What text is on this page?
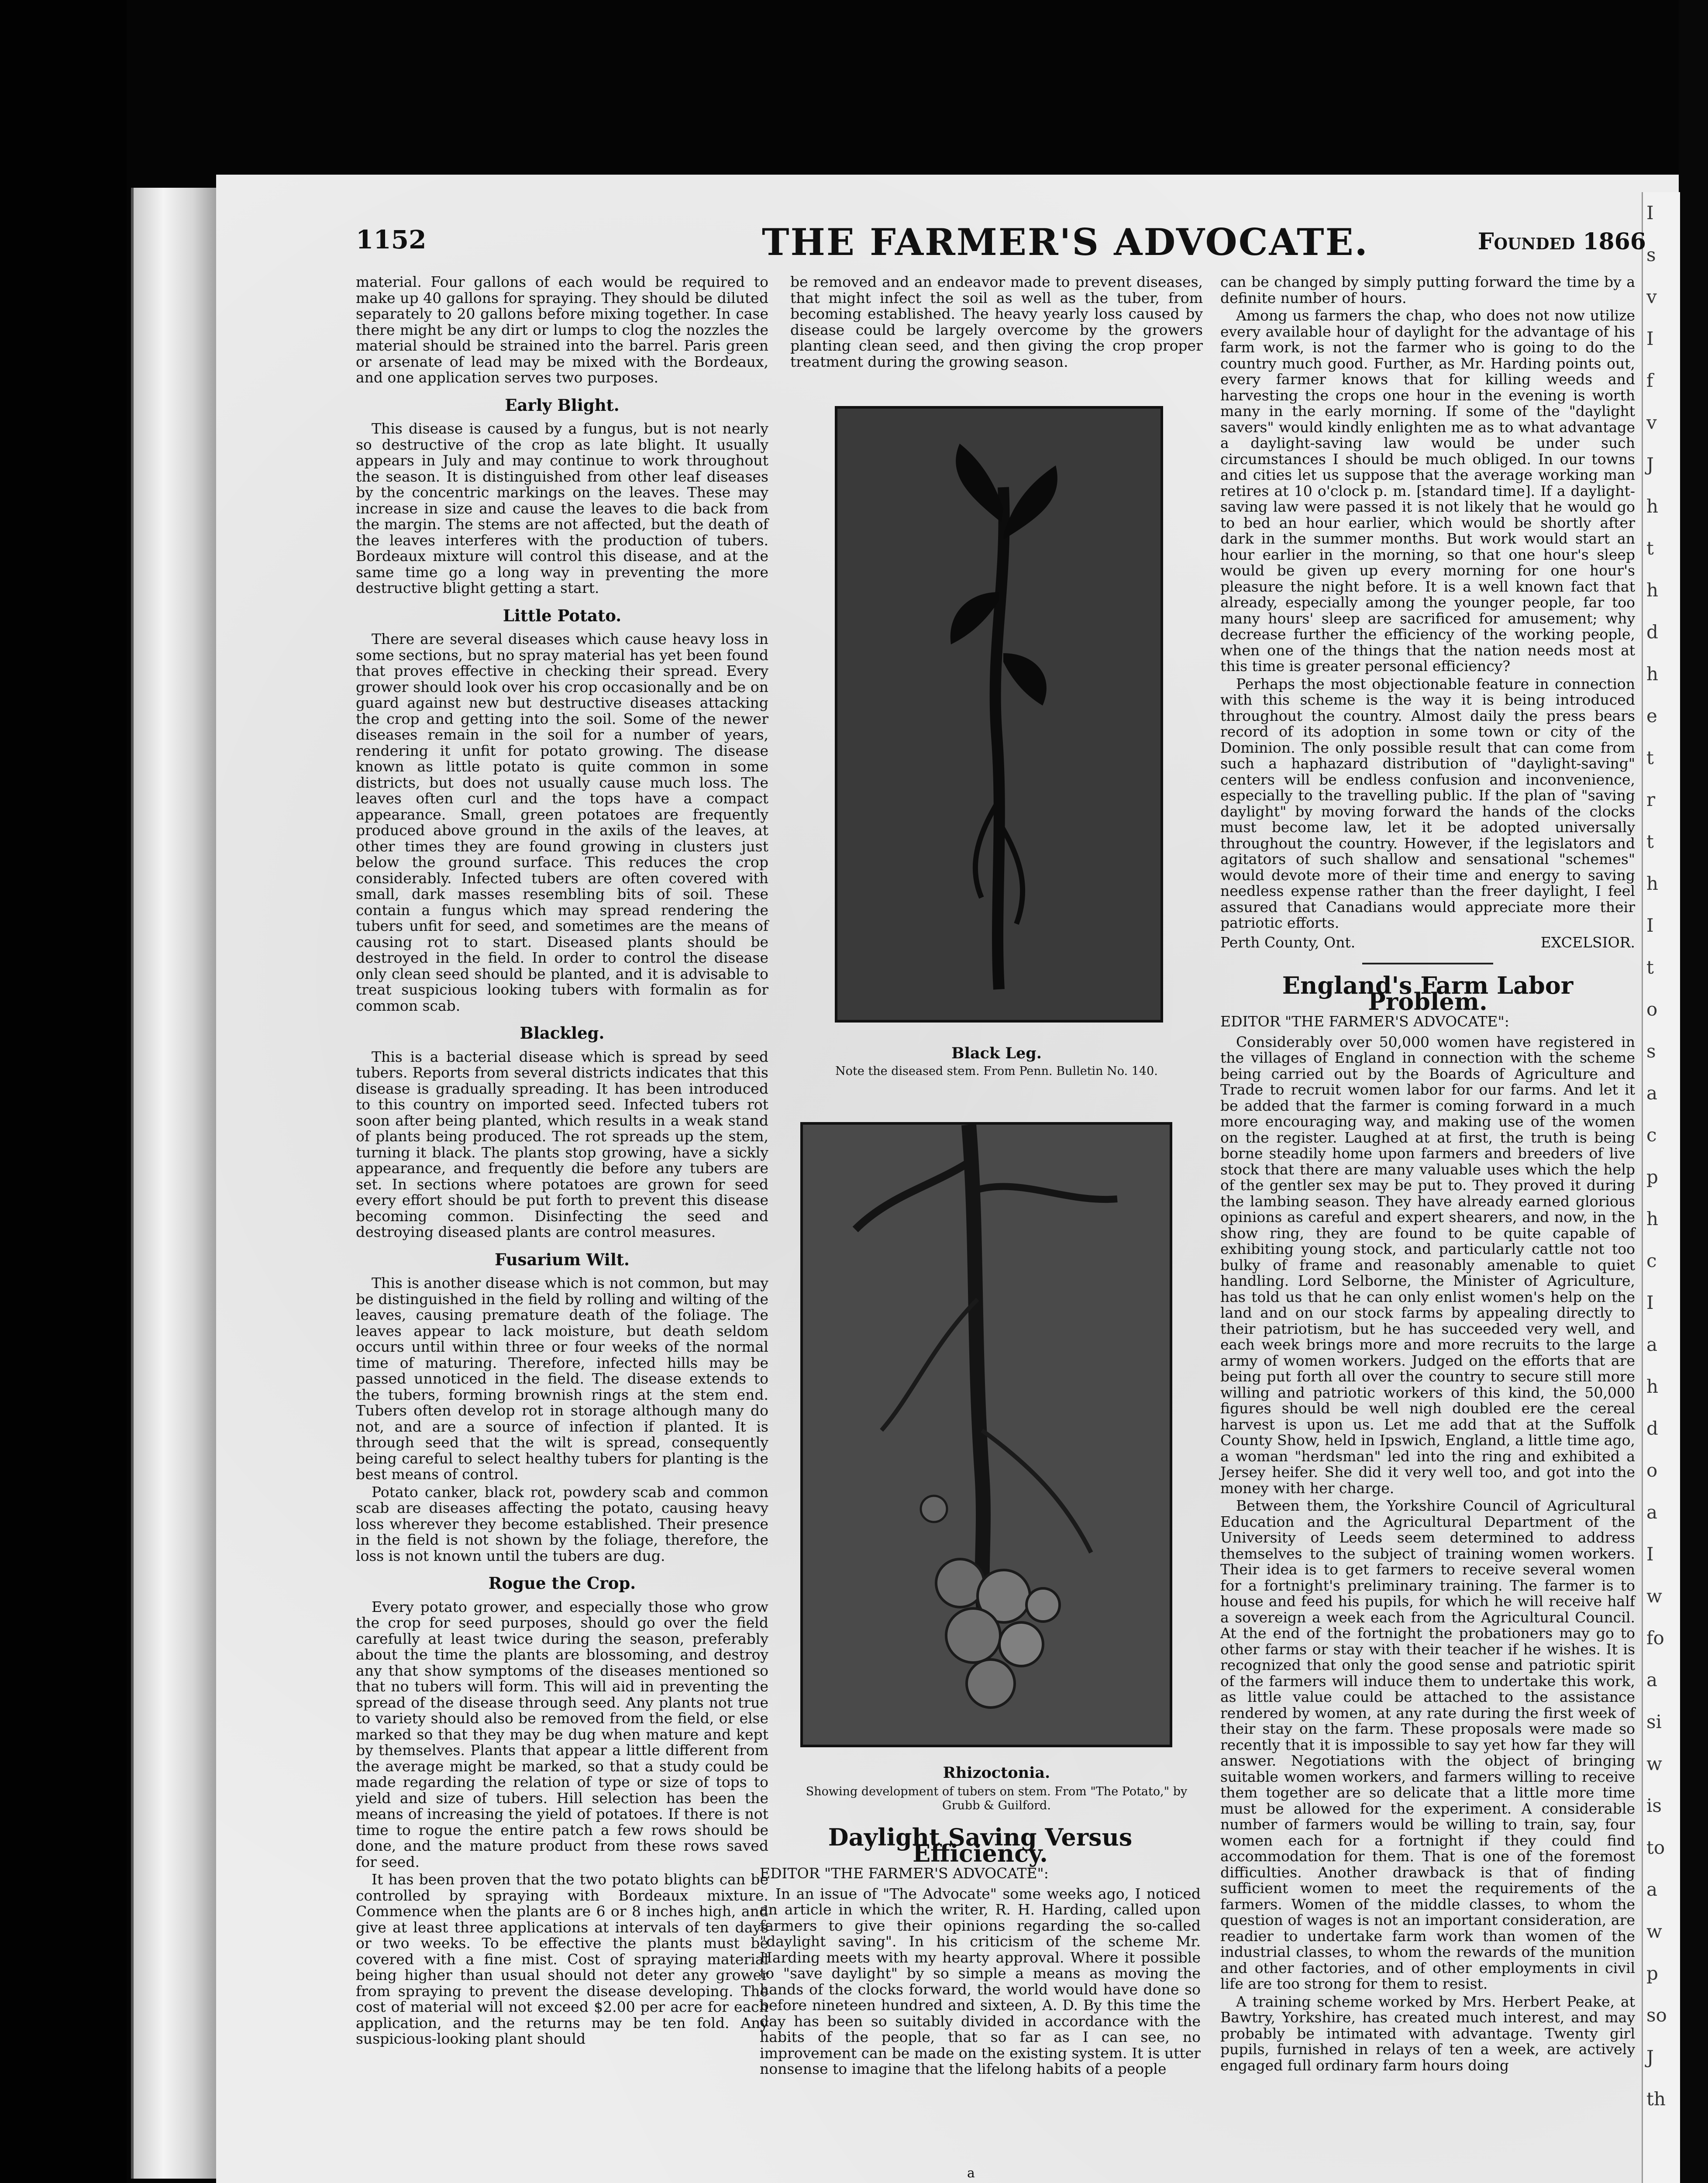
I
s
v
I
f
v
J
h
t
h
d
h
e
t
r
t
h
I
t
o
s
a
c
p
h
c
I
a
h
d
o
a
I
w
fo
a
si
w
is
to
a
w
p
so
J
th
1152	THE FARMER'S ADVOCATE.	Founded 1866

material. Four gallons of each would be required to make up 40 gallons for spraying. They should be diluted separately to 20 gallons before mixing together. In case there might be any dirt or lumps to clog the nozzles the material should be strained into the barrel. Paris green or arsenate of lead may be mixed with the Bordeaux, and one application serves two purposes.

Early Blight.

This disease is caused by a fungus, but is not nearly so destructive of the crop as late blight. It usually appears in July and may continue to work throughout the season. It is distinguished from other leaf diseases by the concentric markings on the leaves. These may increase in size and cause the leaves to die back from the margin. The stems are not affected, but the death of the leaves interferes with the production of tubers. Bordeaux mixture will control this disease, and at the same time go a long way in preventing the more destructive blight getting a start.

Little Potato.

There are several diseases which cause heavy loss in some sections, but no spray material has yet been found that proves effective in checking their spread. Every grower should look over his crop occasionally and be on guard against new but destructive diseases attacking the crop and getting into the soil. Some of the newer diseases remain in the soil for a number of years, rendering it unfit for potato growing. The disease known as little potato is quite common in some districts, but does not usually cause much loss. The leaves often curl and the tops have a compact appearance. Small, green potatoes are frequently produced above ground in the axils of the leaves, at other times they are found growing in clusters just below the ground surface. This reduces the crop considerably. Infected tubers are often covered with small, dark masses resembling bits of soil. These contain a fungus which may spread rendering the tubers unfit for seed, and sometimes are the means of causing rot to start. Diseased plants should be destroyed in the field. In order to control the disease only clean seed should be planted, and it is advisable to treat suspicious looking tubers with formalin as for common scab.

Blackleg.

This is a bacterial disease which is spread by seed tubers. Reports from several districts indicates that this disease is gradually spreading. It has been introduced to this country on imported seed. Infected tubers rot soon after being planted, which results in a weak stand of plants being produced. The rot spreads up the stem, turning it black. The plants stop growing, have a sickly appearance, and frequently die before any tubers are set. In sections where potatoes are grown for seed every effort should be put forth to prevent this disease becoming common. Disinfecting the seed and destroying diseased plants are control measures.

Fusarium Wilt.

This is another disease which is not common, but may be distinguished in the field by rolling and wilting of the leaves, causing premature death of the foliage. The leaves appear to lack moisture, but death seldom occurs until within three or four weeks of the normal time of maturing. Therefore, infected hills may be passed unnoticed in the field. The disease extends to the tubers, forming brownish rings at the stem end. Tubers often develop rot in storage although many do not, and are a source of infection if planted. It is through seed that the wilt is spread, consequently being careful to select healthy tubers for planting is the best means of control.

Potato canker, black rot, powdery scab and common scab are diseases affecting the potato, causing heavy loss wherever they become established. Their presence in the field is not shown by the foliage, therefore, the loss is not known until the tubers are dug.

Rogue the Crop.

Every potato grower, and especially those who grow the crop for seed purposes, should go over the field carefully at least twice during the season, preferably about the time the plants are blossoming, and destroy any that show symptoms of the diseases mentioned so that no tubers will form. This will aid in preventing the spread of the disease through seed. Any plants not true to variety should also be removed from the field, or else marked so that they may be dug when mature and kept by themselves. Plants that appear a little different from the average might be marked, so that a study could be made regarding the relation of type or size of tops to yield and size of tubers. Hill selection has been the means of increasing the yield of potatoes. If there is not time to rogue the entire patch a few rows should be done, and the mature product from these rows saved for seed.

It has been proven that the two potato blights can be controlled by spraying with Bordeaux mixture. Commence when the plants are 6 or 8 inches high, and give at least three applications at intervals of ten days or two weeks. To be effective the plants must be covered with a fine mist. Cost of spraying material being higher than usual should not deter any grower from spraying to prevent the disease developing. The cost of material will not exceed $2.00 per acre for each application, and the returns may be ten fold. Any suspicious-looking plant should

be removed and an endeavor made to prevent diseases, that might infect the soil as well as the tuber, from becoming established. The heavy yearly loss caused by disease could be largely overcome by the growers planting clean seed, and then giving the crop proper treatment during the growing season.

Black Leg.
Note the diseased stem. From Penn. Bulletin No. 140.
Rhizoctonia.
Showing development of tubers on stem. From "The Potato," by Grubb & Guilford.
Daylight Saving Versus Efficiency.
EDITOR "THE FARMER'S ADVOCATE":

In an issue of "The Advocate" some weeks ago, I noticed an article in which the writer, R. H. Harding, called upon farmers to give their opinions regarding the so-called "daylight saving". In his criticism of the scheme Mr. Harding meets with my hearty approval. Where it possible to "save daylight" by so simple a means as moving the hands of the clocks forward, the world would have done so before nineteen hundred and sixteen, A. D. By this time the day has been so suitably divided in accordance with the habits of the people, that so far as I can see, no improvement can be made on the existing system. It is utter nonsense to imagine that the lifelong habits of a people

can be changed by simply putting forward the time by a definite number of hours.

Among us farmers the chap, who does not now utilize every available hour of daylight for the advantage of his farm work, is not the farmer who is going to do the country much good. Further, as Mr. Harding points out, every farmer knows that for killing weeds and harvesting the crops one hour in the evening is worth many in the early morning. If some of the "daylight savers" would kindly enlighten me as to what advantage a daylight-saving law would be under such circumstances I should be much obliged. In our towns and cities let us suppose that the average working man retires at 10 o'clock p. m. [standard time]. If a daylight-saving law were passed it is not likely that he would go to bed an hour earlier, which would be shortly after dark in the summer months. But work would start an hour earlier in the morning, so that one hour's sleep would be given up every morning for one hour's pleasure the night before. It is a well known fact that already, especially among the younger people, far too many hours' sleep are sacrificed for amusement; why decrease further the efficiency of the working people, when one of the things that the nation needs most at this time is greater personal efficiency?

Perhaps the most objectionable feature in connection with this scheme is the way it is being introduced throughout the country. Almost daily the press bears record of its adoption in some town or city of the Dominion. The only possible result that can come from such a haphazard distribution of "daylight-saving" centers will be endless confusion and inconvenience, especially to the travelling public. If the plan of "saving daylight" by moving forward the hands of the clocks must become law, let it be adopted universally throughout the country. However, if the legislators and agitators of such shallow and sensational "schemes" would devote more of their time and energy to saving needless expense rather than the freer daylight, I feel assured that Canadians would appreciate more their patriotic efforts.

Perth County, Ont.	EXCELSIOR.
England's Farm Labor Problem.
EDITOR "THE FARMER'S ADVOCATE":

Considerably over 50,000 women have registered in the villages of England in connection with the scheme being carried out by the Boards of Agriculture and Trade to recruit women labor for our farms. And let it be added that the farmer is coming forward in a much more encouraging way, and making use of the women on the register. Laughed at at first, the truth is being borne steadily home upon farmers and breeders of live stock that there are many valuable uses which the help of the gentler sex may be put to. They proved it during the lambing season. They have already earned glorious opinions as careful and expert shearers, and now, in the show ring, they are found to be quite capable of exhibiting young stock, and particularly cattle not too bulky of frame and reasonably amenable to quiet handling. Lord Selborne, the Minister of Agriculture, has told us that he can only enlist women's help on the land and on our stock farms by appealing directly to their patriotism, but he has succeeded very well, and each week brings more and more recruits to the large army of women workers. Judged on the efforts that are being put forth all over the country to secure still more willing and patriotic workers of this kind, the 50,000 figures should be well nigh doubled ere the cereal harvest is upon us. Let me add that at the Suffolk County Show, held in Ipswich, England, a little time ago, a woman "herdsman" led into the ring and exhibited a Jersey heifer. She did it very well too, and got into the money with her charge.

Between them, the Yorkshire Council of Agricultural Education and the Agricultural Department of the University of Leeds seem determined to address themselves to the subject of training women workers. Their idea is to get farmers to receive several women for a fortnight's preliminary training. The farmer is to house and feed his pupils, for which he will receive half a sovereign a week each from the Agricultural Council. At the end of the fortnight the probationers may go to other farms or stay with their teacher if he wishes. It is recognized that only the good sense and patriotic spirit of the farmers will induce them to undertake this work, as little value could be attached to the assistance rendered by women, at any rate during the first week of their stay on the farm. These proposals were made so recently that it is impossible to say yet how far they will answer. Negotiations with the object of bringing suitable women workers, and farmers willing to receive them together are so delicate that a little more time must be allowed for the experiment. A considerable number of farmers would be willing to train, say, four women each for a fortnight if they could find accommodation for them. That is one of the foremost difficulties. Another drawback is that of finding sufficient women to meet the requirements of the farmers. Women of the middle classes, to whom the question of wages is not an important consideration, are readier to undertake farm work than women of the industrial classes, to whom the rewards of the munition and other factories, and of other employments in civil life are too strong for them to resist.

A training scheme worked by Mrs. Herbert Peake, at Bawtry, Yorkshire, has created much interest, and may probably be intimated with advantage. Twenty girl pupils, furnished in relays of ten a week, are actively engaged full ordinary farm hours doing

a
